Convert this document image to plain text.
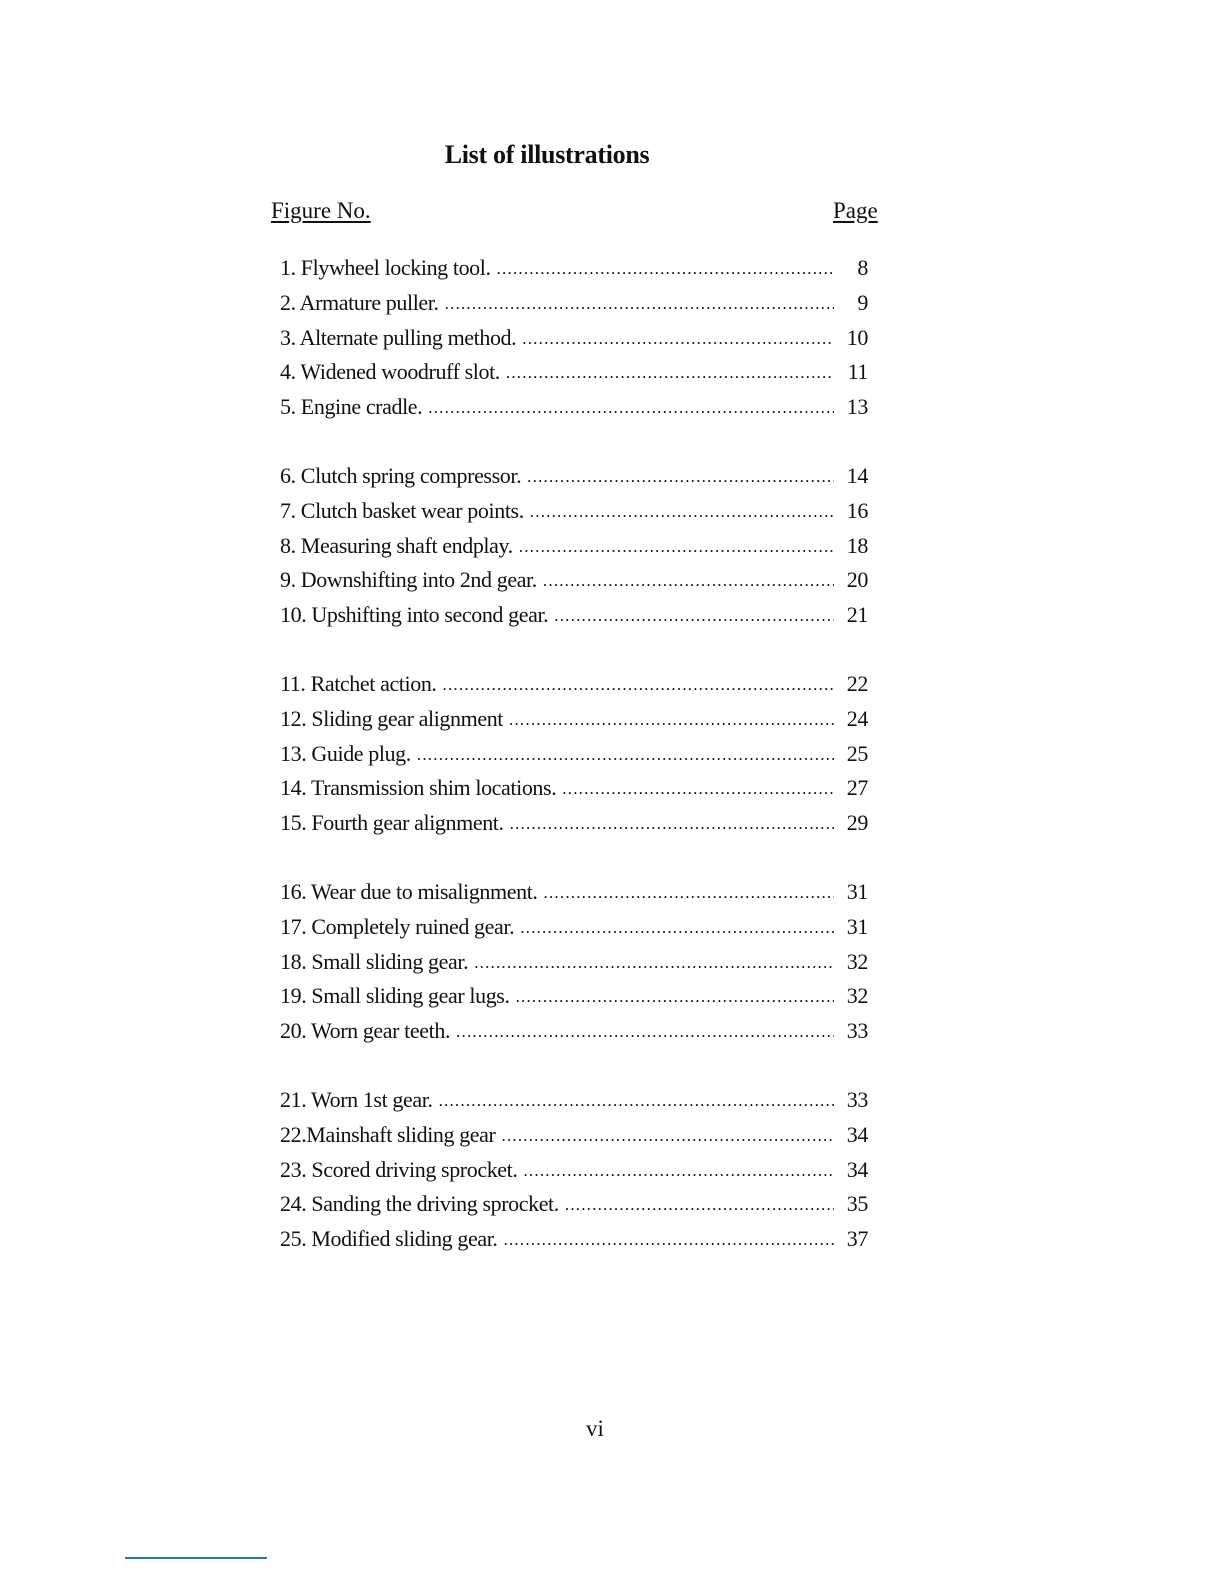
List of illustrations
Figure No.	Page
1. Flywheel locking tool. .....	8
2. Armature puller. .....	9
3. Alternate pulling method. .....	10
4. Widened woodruff slot. .....	11
5. Engine cradle. .....	13
6. Clutch spring compressor. .....	14
7. Clutch basket wear points. .....	16
8. Measuring shaft endplay. .....	18
9. Downshifting into 2nd gear. .....	20
10. Upshifting into second gear. .....	21
11. Ratchet action. .....	22
12. Sliding gear alignment .....	24
13. Guide plug. .....	25
14. Transmission shim locations. .....	27
15. Fourth gear alignment. .....	29
16. Wear due to misalignment. .....	31
17. Completely ruined gear. .....	31
18. Small sliding gear. .....	32
19. Small sliding gear lugs. .....	32
20. Worn gear teeth. .....	33
21. Worn 1st gear. .....	33
22.Mainshaft sliding gear .....	34
23. Scored driving sprocket. .....	34
24. Sanding the driving sprocket. .....	35
25. Modified sliding gear. .....	37
vi
